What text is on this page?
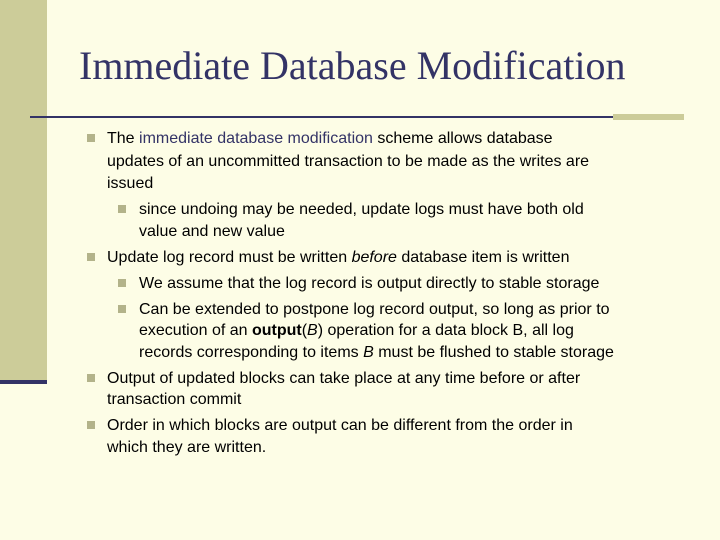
Immediate Database Modification
The immediate database modification scheme allows database
updates of an uncommitted transaction to be made as the writes are
issued
since undoing may be needed, update logs must have both old
value and new value
Update log record must be written before database item is written
We assume that the log record is output directly to stable storage
Can be extended to postpone log record output, so long as prior to
execution of an output(B) operation for a data block B, all log
records corresponding to items B must be flushed to stable storage
Output of updated blocks can take place at any time before or after
transaction commit
Order in which blocks are output can be different from the order in
which they are written.
